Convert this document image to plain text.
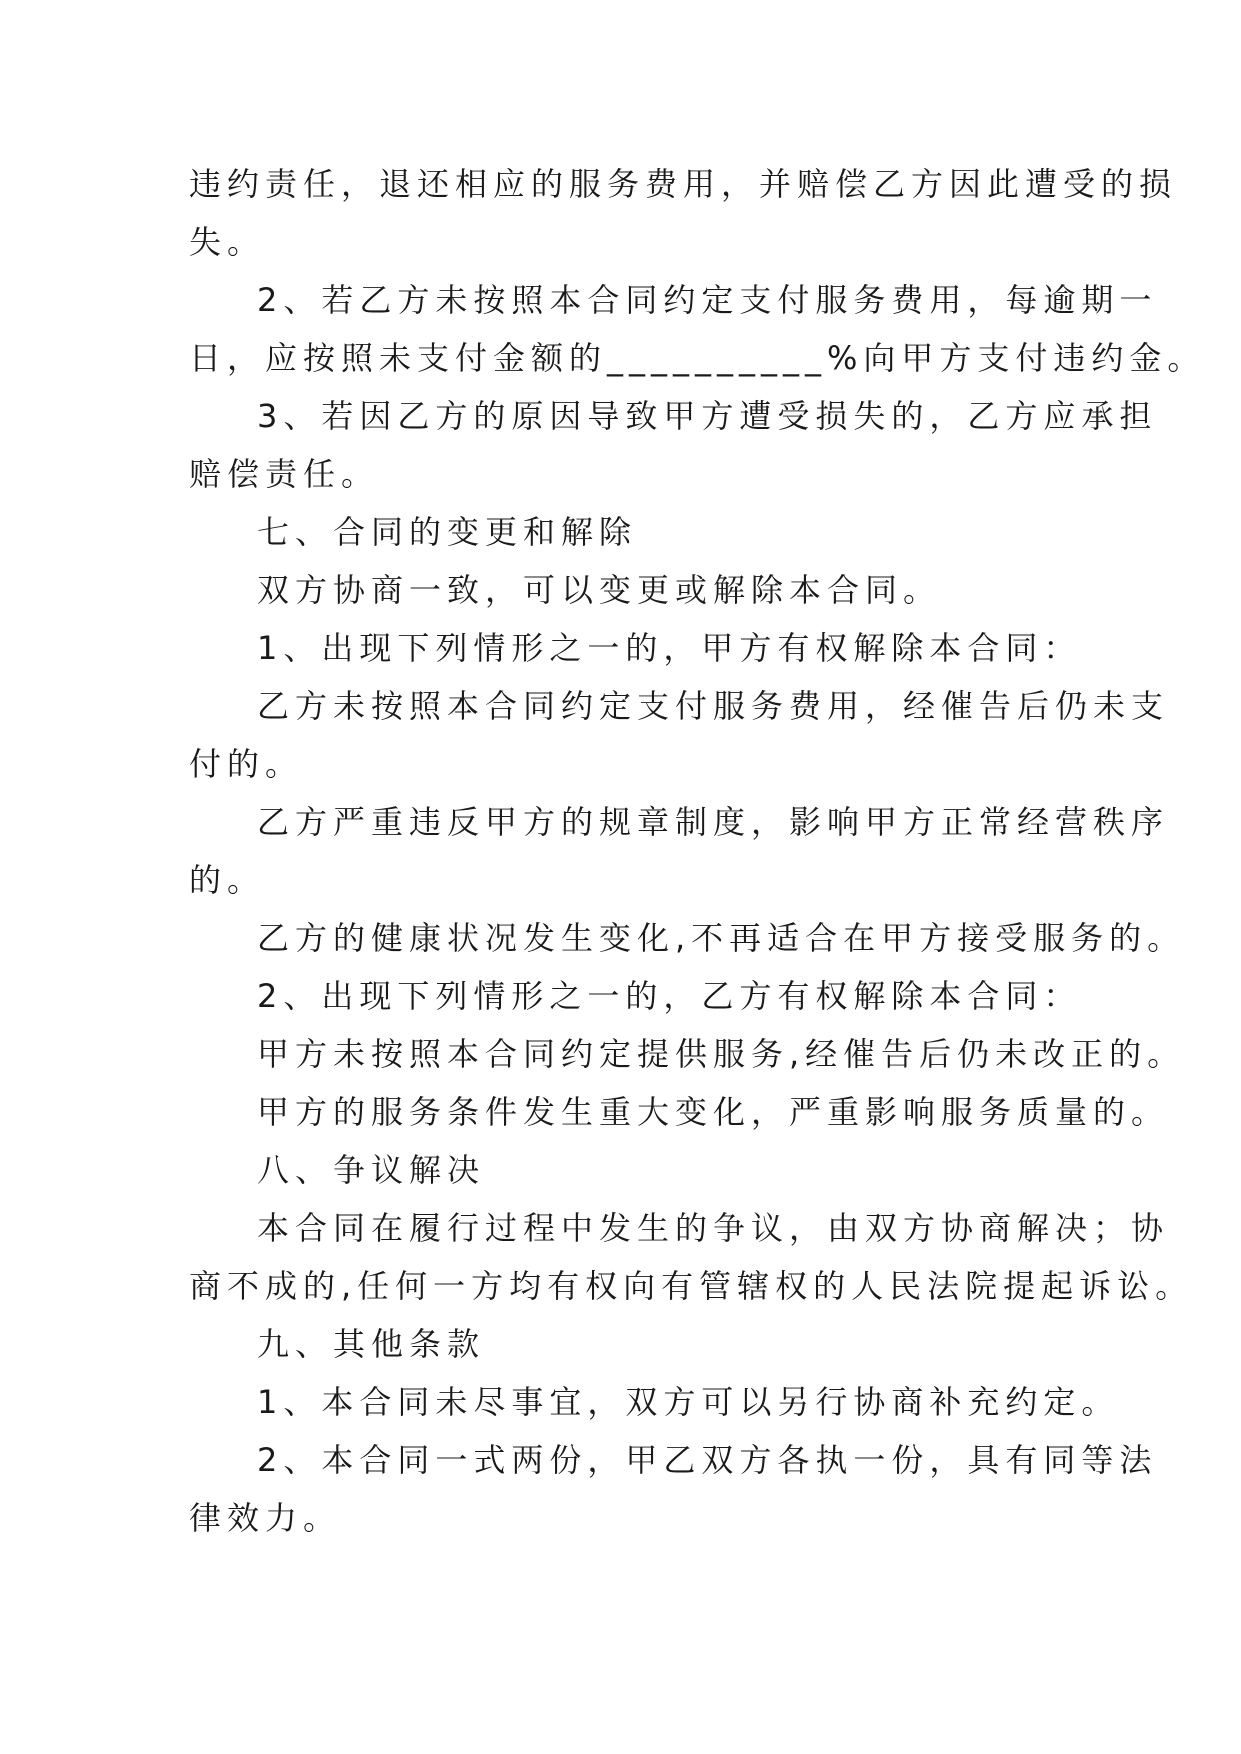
违约责任，退还相应的服务费用，并赔偿乙方因此遭受的损
失。
2、若乙方未按照本合同约定支付服务费用，每逾期一
日，应按照未支付金额的__________%向甲方支付违约金。
3、若因乙方的原因导致甲方遭受损失的，乙方应承担
赔偿责任。
七、合同的变更和解除
双方协商一致，可以变更或解除本合同。
1、出现下列情形之一的，甲方有权解除本合同：
乙方未按照本合同约定支付服务费用，经催告后仍未支
付的。
乙方严重违反甲方的规章制度，影响甲方正常经营秩序
的。
乙方的健康状况发生变化,不再适合在甲方接受服务的。
2、出现下列情形之一的，乙方有权解除本合同：
甲方未按照本合同约定提供服务,经催告后仍未改正的。
甲方的服务条件发生重大变化，严重影响服务质量的。
八、争议解决
本合同在履行过程中发生的争议，由双方协商解决；协
商不成的,任何一方均有权向有管辖权的人民法院提起诉讼。
九、其他条款
1、本合同未尽事宜，双方可以另行协商补充约定。
2、本合同一式两份，甲乙双方各执一份，具有同等法
律效力。
